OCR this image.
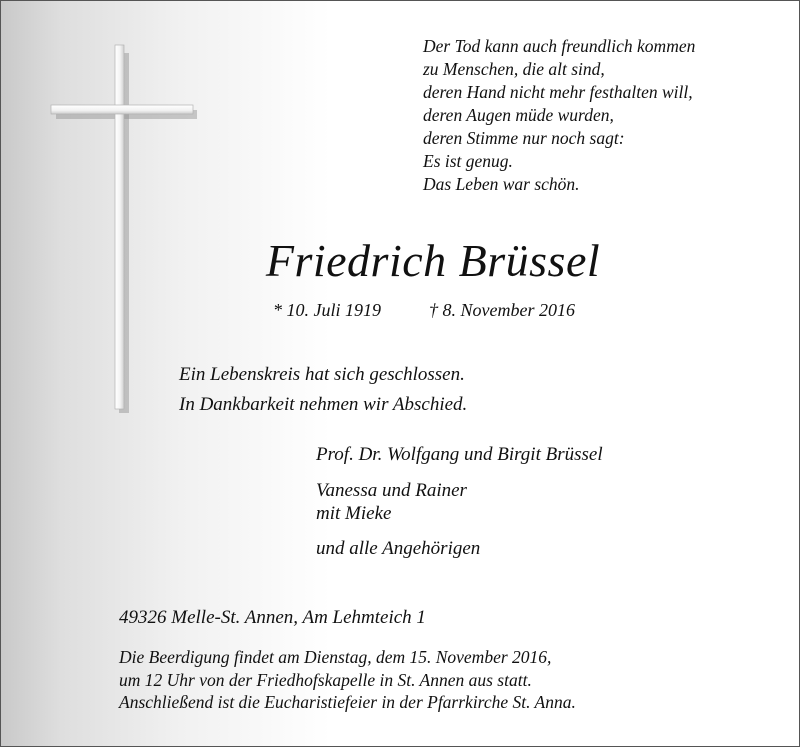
Der Tod kann auch freundlich kommen
zu Menschen, die alt sind,
deren Hand nicht mehr festhalten will,
deren Augen müde wurden,
deren Stimme nur noch sagt:
Es ist genug.
Das Leben war schön.
Friedrich Brüssel
* 10. Juli 1919	† 8. November 2016
Ein Lebenskreis hat sich geschlossen.
In Dankbarkeit nehmen wir Abschied.
Prof. Dr. Wolfgang und Birgit Brüssel
Vanessa und Rainer
mit Mieke
und alle Angehörigen
49326 Melle-St. Annen, Am Lehmteich 1
Die Beerdigung findet am Dienstag, dem 15. November 2016,
um 12 Uhr von der Friedhofskapelle in St. Annen aus statt.
Anschließend ist die Eucharistiefeier in der Pfarrkirche St. Anna.
